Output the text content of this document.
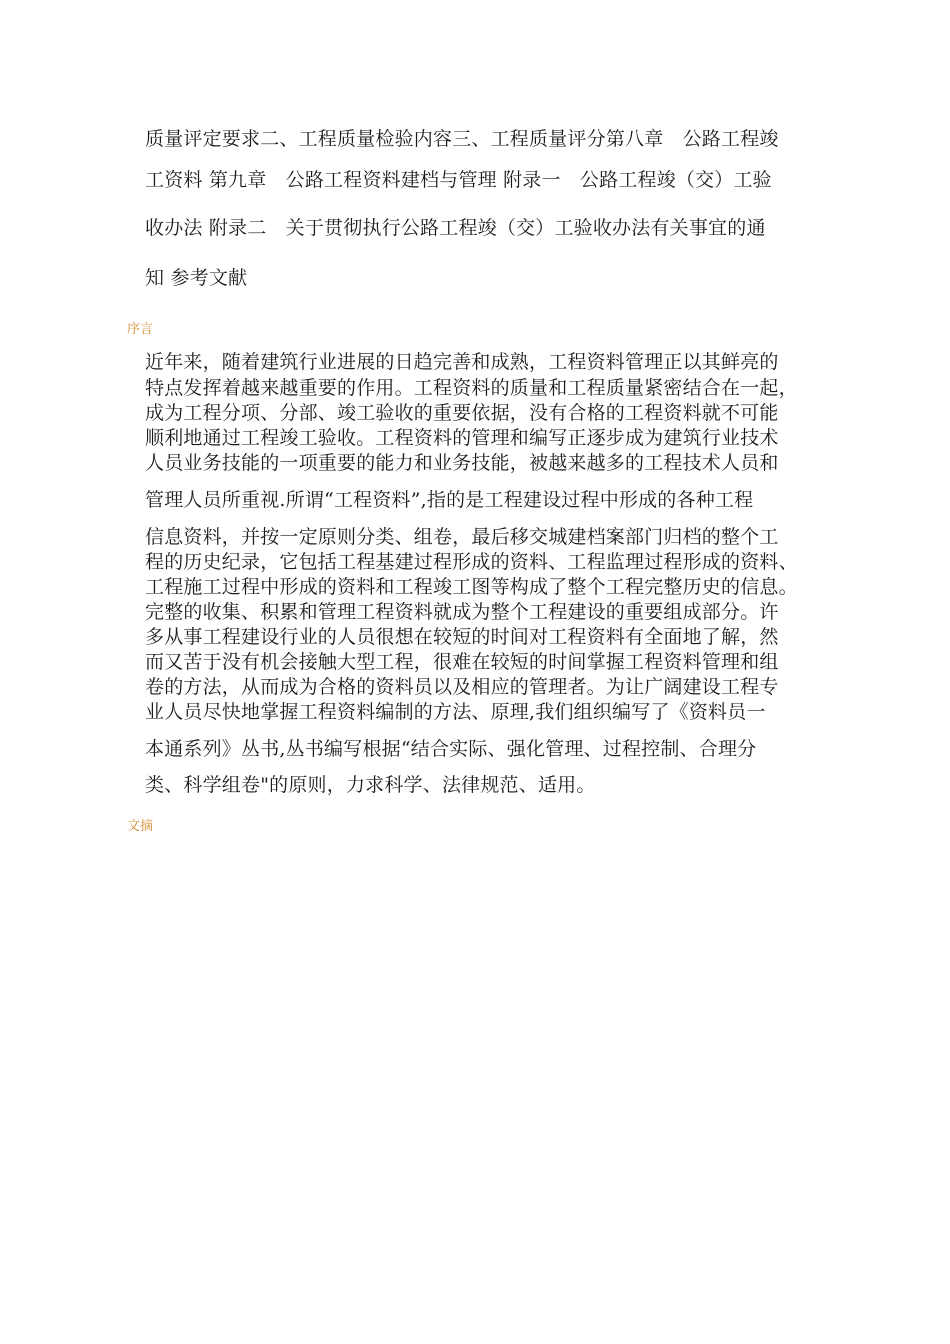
质量评定要求二、工程质量检验内容三、工程质量评分第八章　公路工程竣
工资料 第九章　公路工程资料建档与管理 附录一　公路工程竣（交）工验
收办法 附录二　关于贯彻执行公路工程竣（交）工验收办法有关事宜的通
知 参考文献
序言
近年来，随着建筑行业进展的日趋完善和成熟，工程资料管理正以其鲜亮的
特点发挥着越来越重要的作用。工程资料的质量和工程质量紧密结合在一起，
成为工程分项、分部、竣工验收的重要依据，没有合格的工程资料就不可能
顺利地通过工程竣工验收。工程资料的管理和编写正逐步成为建筑行业技术
人员业务技能的一项重要的能力和业务技能，被越来越多的工程技术人员和
管理人员所重视.所谓“工程资料”,指的是工程建设过程中形成的各种工程
信息资料，并按一定原则分类、组卷，最后移交城建档案部门归档的整个工
程的历史纪录，它包括工程基建过程形成的资料、工程监理过程形成的资料、
工程施工过程中形成的资料和工程竣工图等构成了整个工程完整历史的信息。
完整的收集、积累和管理工程资料就成为整个工程建设的重要组成部分。许
多从事工程建设行业的人员很想在较短的时间对工程资料有全面地了解，然
而又苦于没有机会接触大型工程，很难在较短的时间掌握工程资料管理和组
卷的方法，从而成为合格的资料员以及相应的管理者。为让广阔建设工程专
业人员尽快地掌握工程资料编制的方法、原理,我们组织编写了《资料员一
本通系列》丛书,丛书编写根据“结合实际、强化管理、过程控制、合理分
类、科学组卷"的原则，力求科学、法律规范、适用。
文摘
